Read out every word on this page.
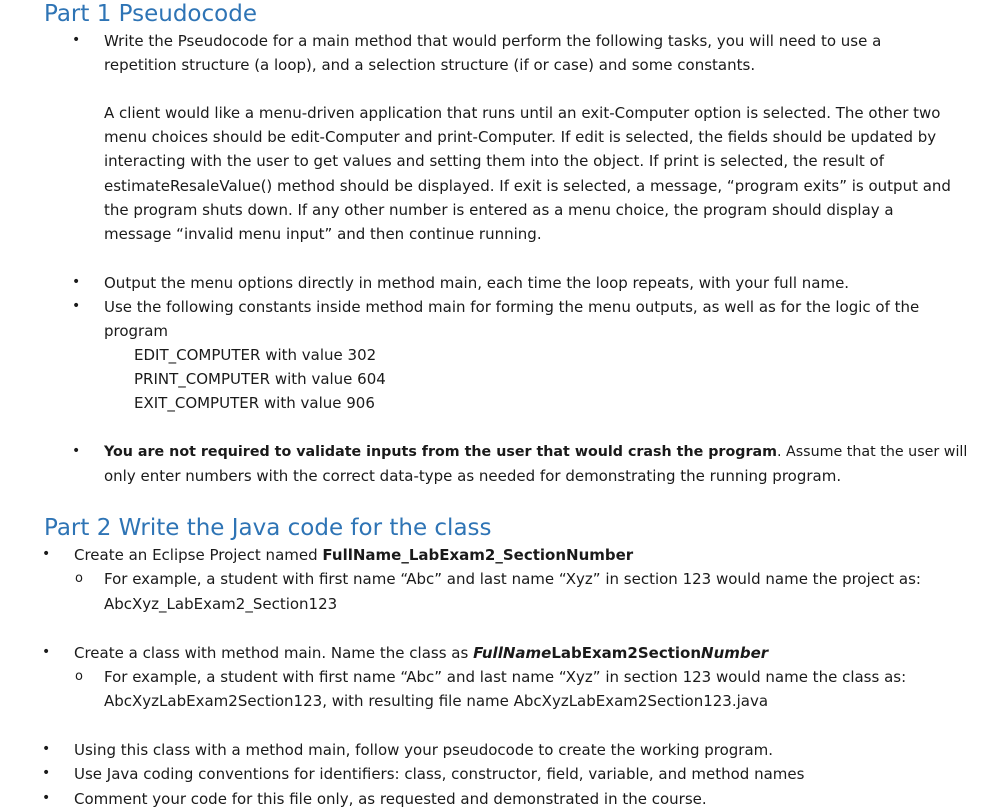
Part 1 Pseudocode
• Write the Pseudocode for a main method that would perform the following tasks, you will need to use a
repetition structure (a loop), and a selection structure (if or case) and some constants.
A client would like a menu-driven application that runs until an exit-Computer option is selected. The other two
menu choices should be edit-Computer and print-Computer. If edit is selected, the fields should be updated by
interacting with the user to get values and setting them into the object. If print is selected, the result of
estimateResaleValue() method should be displayed. If exit is selected, a message, “program exits” is output and
the program shuts down. If any other number is entered as a menu choice, the program should display a
message “invalid menu input” and then continue running.
• Output the menu options directly in method main, each time the loop repeats, with your full name.
• Use the following constants inside method main for forming the menu outputs, as well as for the logic of the
program
EDIT_COMPUTER with value 302
PRINT_COMPUTER with value 604
EXIT_COMPUTER with value 906
• You are not required to validate inputs from the user that would crash the program. Assume that the user will
only enter numbers with the correct data-type as needed for demonstrating the running program.
Part 2 Write the Java code for the class
• Create an Eclipse Project named FullName_LabExam2_SectionNumber
o For example, a student with first name “Abc” and last name “Xyz” in section 123 would name the project as:
AbcXyz_LabExam2_Section123
• Create a class with method main. Name the class as FullNameLabExam2SectionNumber
o For example, a student with first name “Abc” and last name “Xyz” in section 123 would name the class as:
AbcXyzLabExam2Section123, with resulting file name AbcXyzLabExam2Section123.java
• Using this class with a method main, follow your pseudocode to create the working program.
• Use Java coding conventions for identifiers: class, constructor, field, variable, and method names
• Comment your code for this file only, as requested and demonstrated in the course.
